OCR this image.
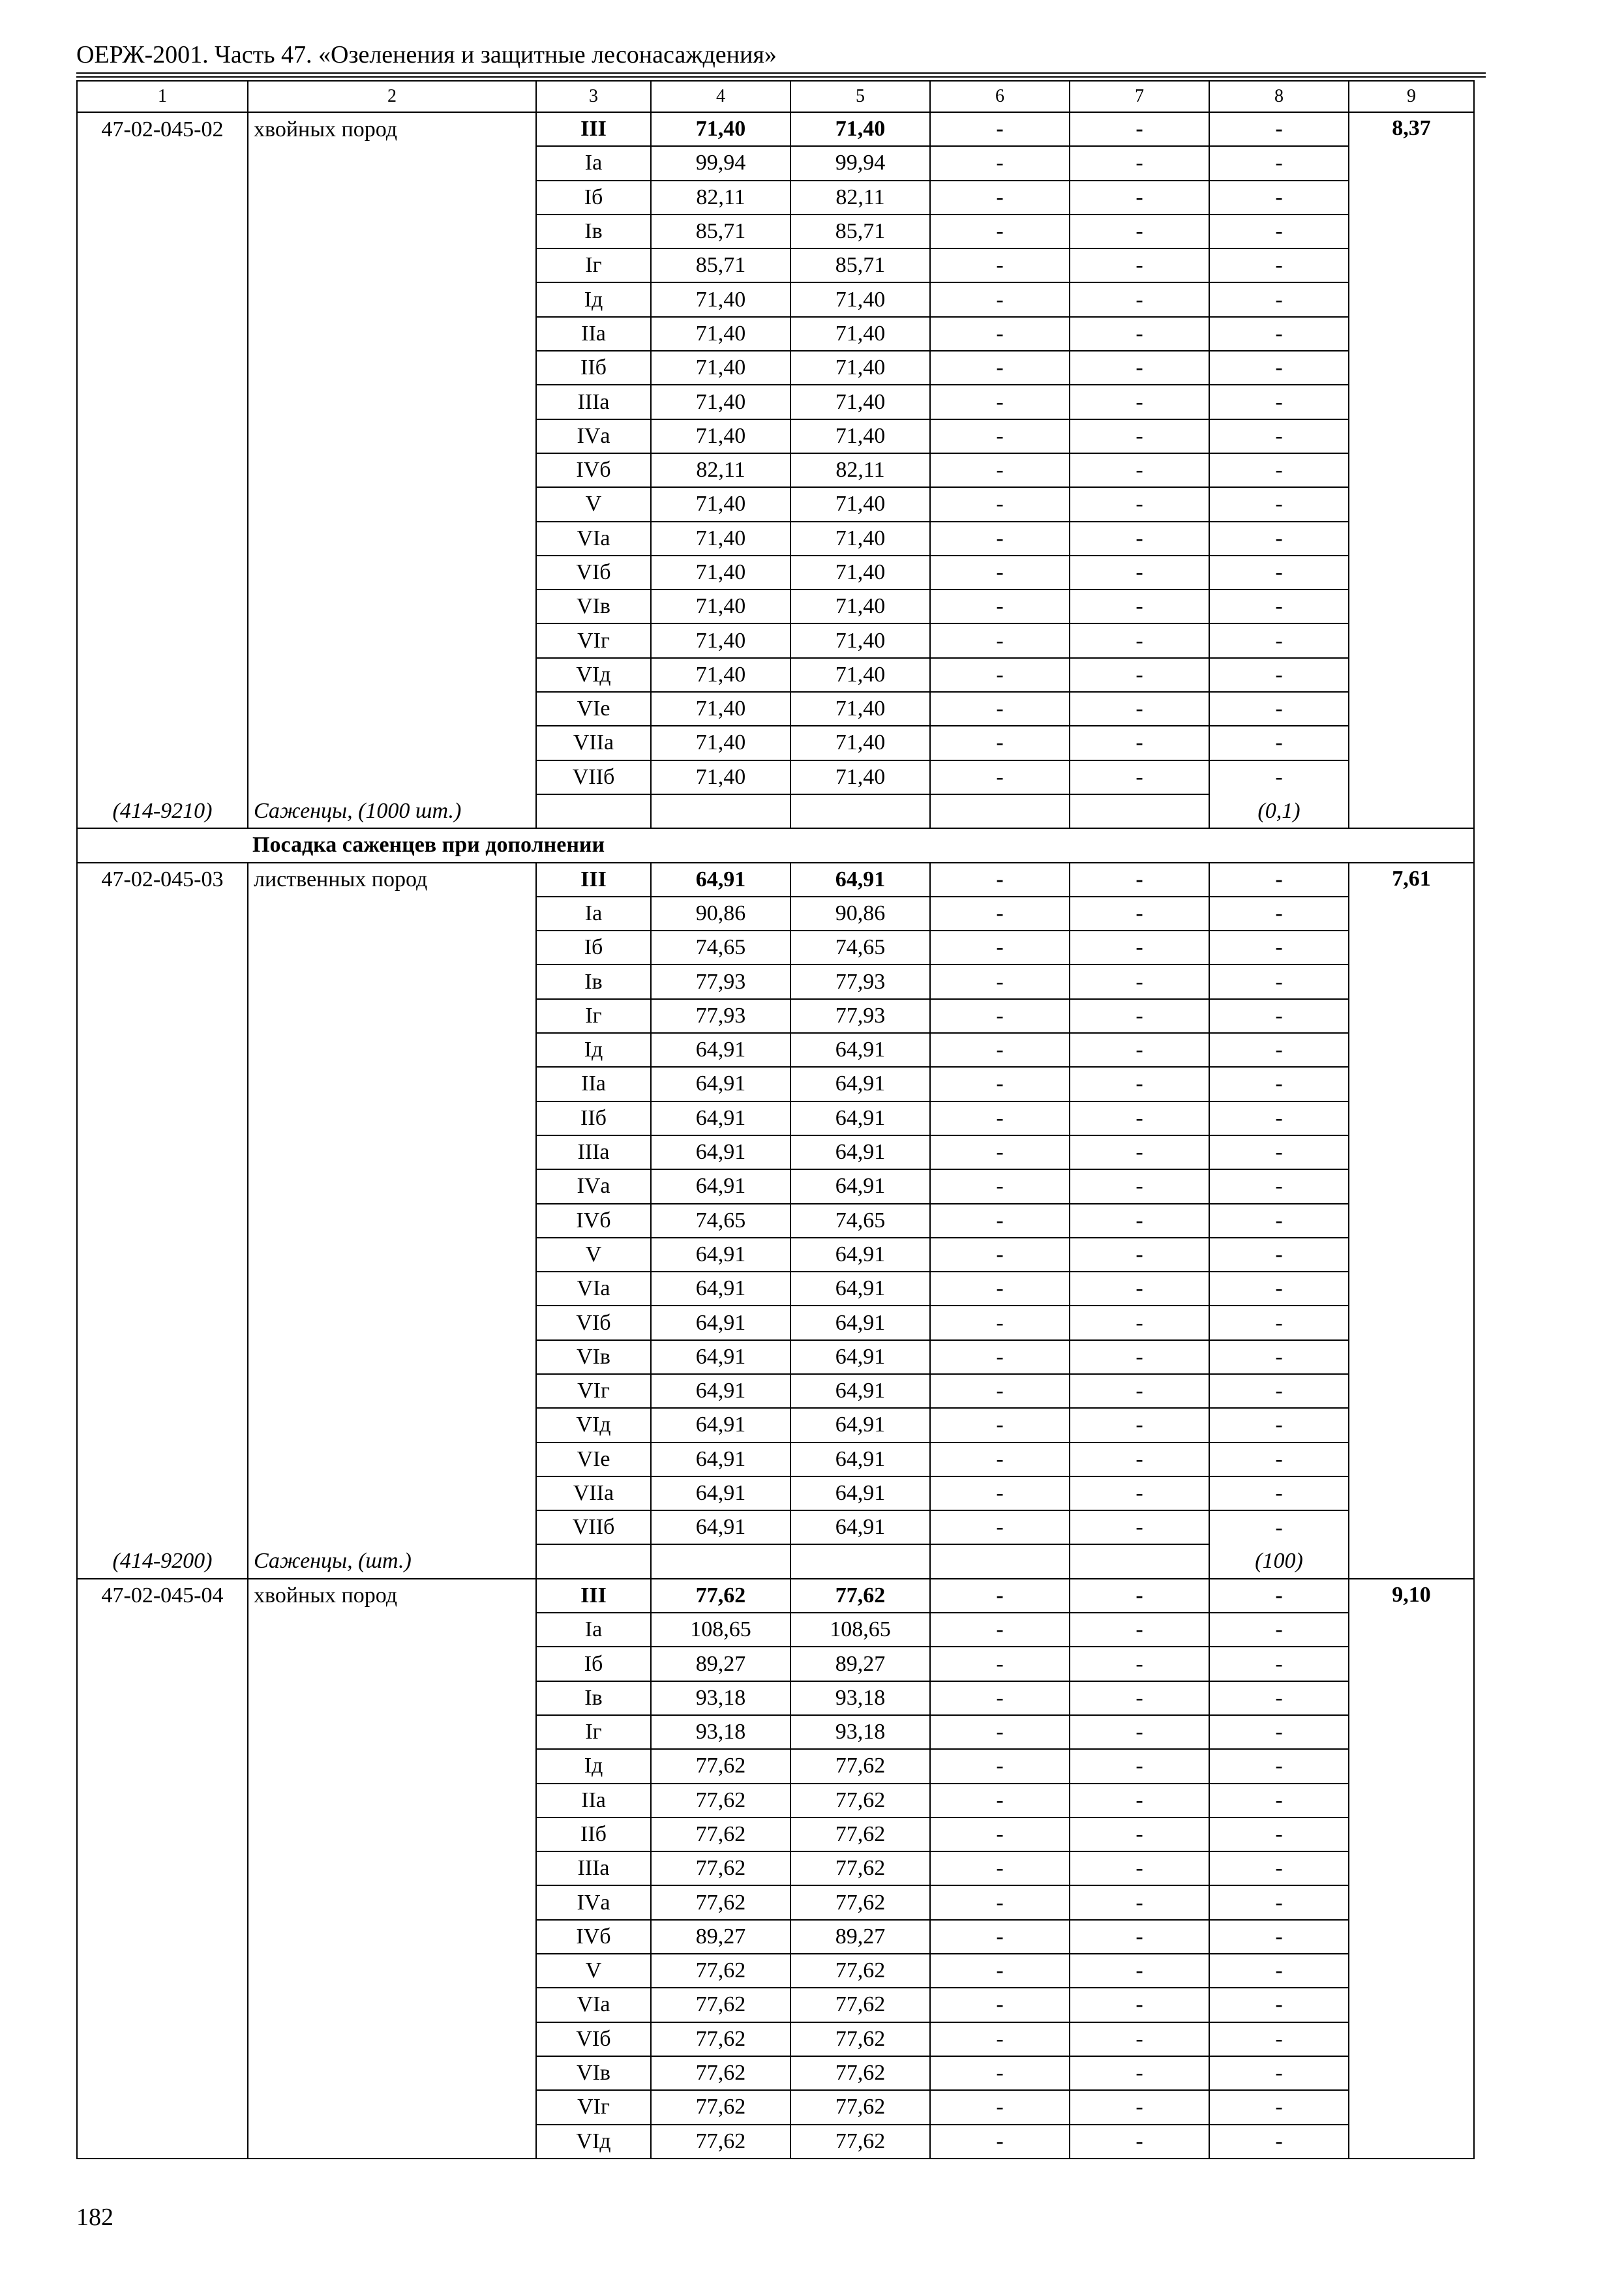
ОЕРЖ-2001. Часть 47. «Озеленения и защитные лесонасаждения»
1	2	3	4	5	6	7	8	9
47-02-045-02	хвойных пород	III	71,40	71,40	-	-	-	8,37
		Iа	99,94	99,94	-	-	-	
		Iб	82,11	82,11	-	-	-	
		Iв	85,71	85,71	-	-	-	
		Iг	85,71	85,71	-	-	-	
		Iд	71,40	71,40	-	-	-	
		IIа	71,40	71,40	-	-	-	
		IIб	71,40	71,40	-	-	-	
		IIIа	71,40	71,40	-	-	-	
		IVа	71,40	71,40	-	-	-	
		IVб	82,11	82,11	-	-	-	
		V	71,40	71,40	-	-	-	
		VIа	71,40	71,40	-	-	-	
		VIб	71,40	71,40	-	-	-	
		VIв	71,40	71,40	-	-	-	
		VIг	71,40	71,40	-	-	-	
		VIд	71,40	71,40	-	-	-	
		VIе	71,40	71,40	-	-	-	
		VIIа	71,40	71,40	-	-	-	
		VIIб	71,40	71,40	-	-	-	
(414-9210)	Саженцы, (1000 шт.)						(0,1)	
Посадка саженцев при дополнении								
47-02-045-03	лиственных пород	III	64,91	64,91	-	-	-	7,61
		Iа	90,86	90,86	-	-	-	
		Iб	74,65	74,65	-	-	-	
		Iв	77,93	77,93	-	-	-	
		Iг	77,93	77,93	-	-	-	
		Iд	64,91	64,91	-	-	-	
		IIа	64,91	64,91	-	-	-	
		IIб	64,91	64,91	-	-	-	
		IIIа	64,91	64,91	-	-	-	
		IVа	64,91	64,91	-	-	-	
		IVб	74,65	74,65	-	-	-	
		V	64,91	64,91	-	-	-	
		VIа	64,91	64,91	-	-	-	
		VIб	64,91	64,91	-	-	-	
		VIв	64,91	64,91	-	-	-	
		VIг	64,91	64,91	-	-	-	
		VIд	64,91	64,91	-	-	-	
		VIе	64,91	64,91	-	-	-	
		VIIа	64,91	64,91	-	-	-	
		VIIб	64,91	64,91	-	-	-	
(414-9200)	Саженцы, (шт.)						(100)	
47-02-045-04	хвойных пород	III	77,62	77,62	-	-	-	9,10
		Iа	108,65	108,65	-	-	-	
		Iб	89,27	89,27	-	-	-	
		Iв	93,18	93,18	-	-	-	
		Iг	93,18	93,18	-	-	-	
		Iд	77,62	77,62	-	-	-	
		IIа	77,62	77,62	-	-	-	
		IIб	77,62	77,62	-	-	-	
		IIIа	77,62	77,62	-	-	-	
		IVа	77,62	77,62	-	-	-	
		IVб	89,27	89,27	-	-	-	
		V	77,62	77,62	-	-	-	
		VIа	77,62	77,62	-	-	-	
		VIб	77,62	77,62	-	-	-	
		VIв	77,62	77,62	-	-	-	
		VIг	77,62	77,62	-	-	-	
		VIд	77,62	77,62	-	-	-	
182
